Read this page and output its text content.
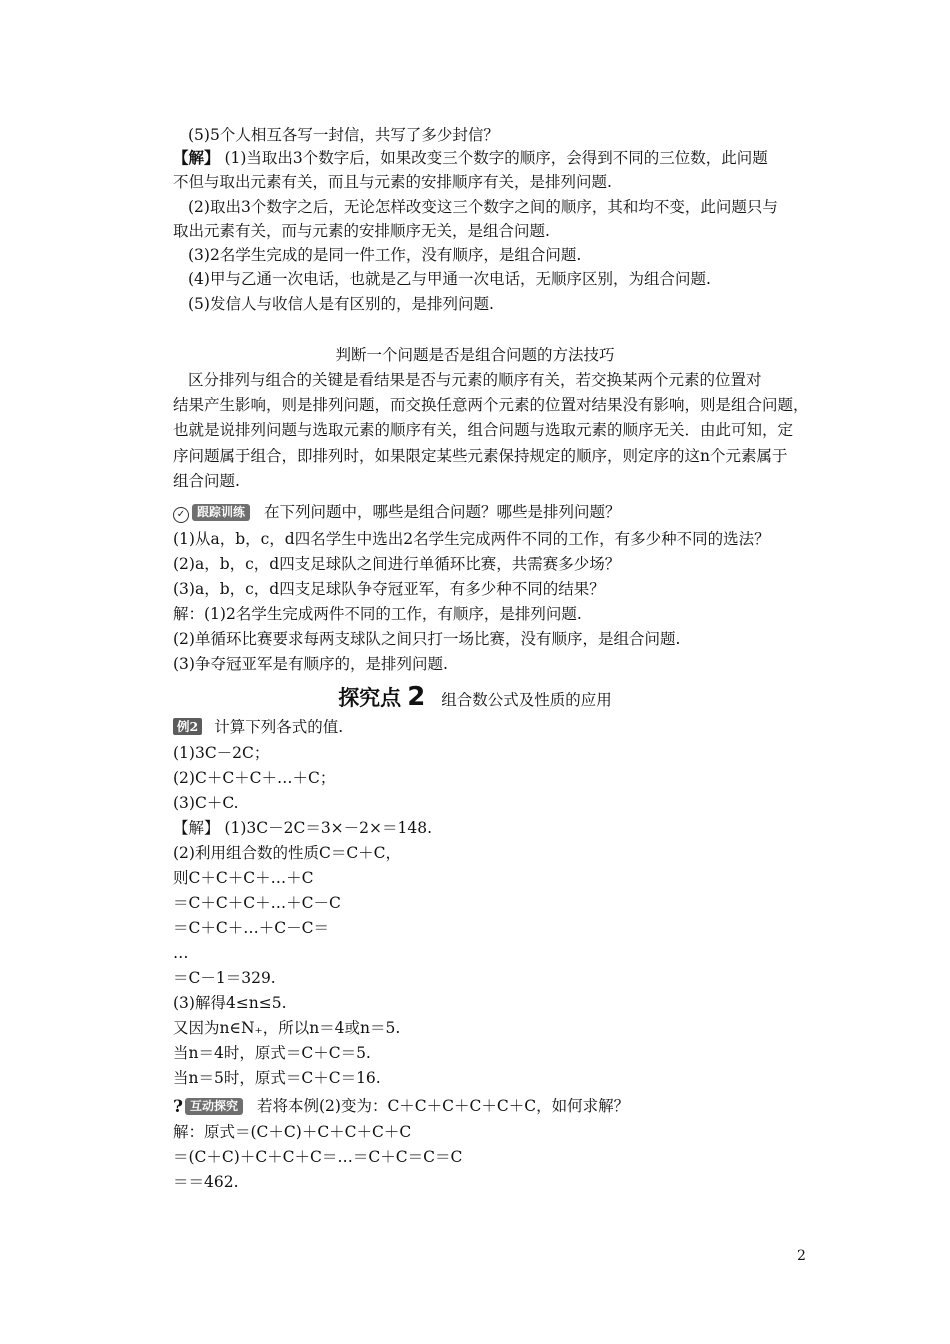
(5)5个人相互各写一封信，共写了多少封信？
【解】 (1)当取出3个数字后，如果改变三个数字的顺序，会得到不同的三位数，此问题
不但与取出元素有关，而且与元素的安排顺序有关，是排列问题.
(2)取出3个数字之后，无论怎样改变这三个数字之间的顺序，其和均不变，此问题只与
取出元素有关，而与元素的安排顺序无关，是组合问题.
(3)2名学生完成的是同一件工作，没有顺序，是组合问题.
(4)甲与乙通一次电话，也就是乙与甲通一次电话，无顺序区别，为组合问题.
(5)发信人与收信人是有区别的，是排列问题.
判断一个问题是否是组合问题的方法技巧
区分排列与组合的关键是看结果是否与元素的顺序有关，若交换某两个元素的位置对
结果产生影响，则是排列问题，而交换任意两个元素的位置对结果没有影响，则是组合问题，
也就是说排列问题与选取元素的顺序有关，组合问题与选取元素的顺序无关．由此可知，定
序问题属于组合，即排列时，如果限定某些元素保持规定的顺序，则定序的这n个元素属于
组合问题.
✓ 跟踪训练 在下列问题中，哪些是组合问题？哪些是排列问题？
(1)从a，b，c，d四名学生中选出2名学生完成两件不同的工作，有多少种不同的选法？
(2)a，b，c，d四支足球队之间进行单循环比赛，共需赛多少场？
(3)a，b，c，d四支足球队争夺冠亚军，有多少种不同的结果？
解：(1)2名学生完成两件不同的工作，有顺序，是排列问题.
(2)单循环比赛要求每两支球队之间只打一场比赛，没有顺序，是组合问题.
(3)争夺冠亚军是有顺序的，是排列问题.
探究点 2 组合数公式及性质的应用
例2 计算下列各式的值.
(1)3C－2C；
(2)C＋C＋C＋…＋C；
(3)C＋C.
【解】 (1)3C－2C＝3×－2×＝148.
(2)利用组合数的性质C＝C＋C，
则C＋C＋C＋…＋C
＝C＋C＋C＋…＋C－C
＝C＋C＋…＋C－C＝
…
＝C－1＝329.
(3)解得4≤n≤5.
又因为n∈N₊，所以n＝4或n＝5.
当n＝4时，原式＝C＋C＝5.
当n＝5时，原式＝C＋C＝16.
? 互动探究 若将本例(2)变为：C＋C＋C＋C＋C＋C，如何求解？
解：原式＝(C＋C)＋C＋C＋C＋C
＝(C＋C)＋C＋C＋C＝…＝C＋C＝C＝C
＝＝462.
2
